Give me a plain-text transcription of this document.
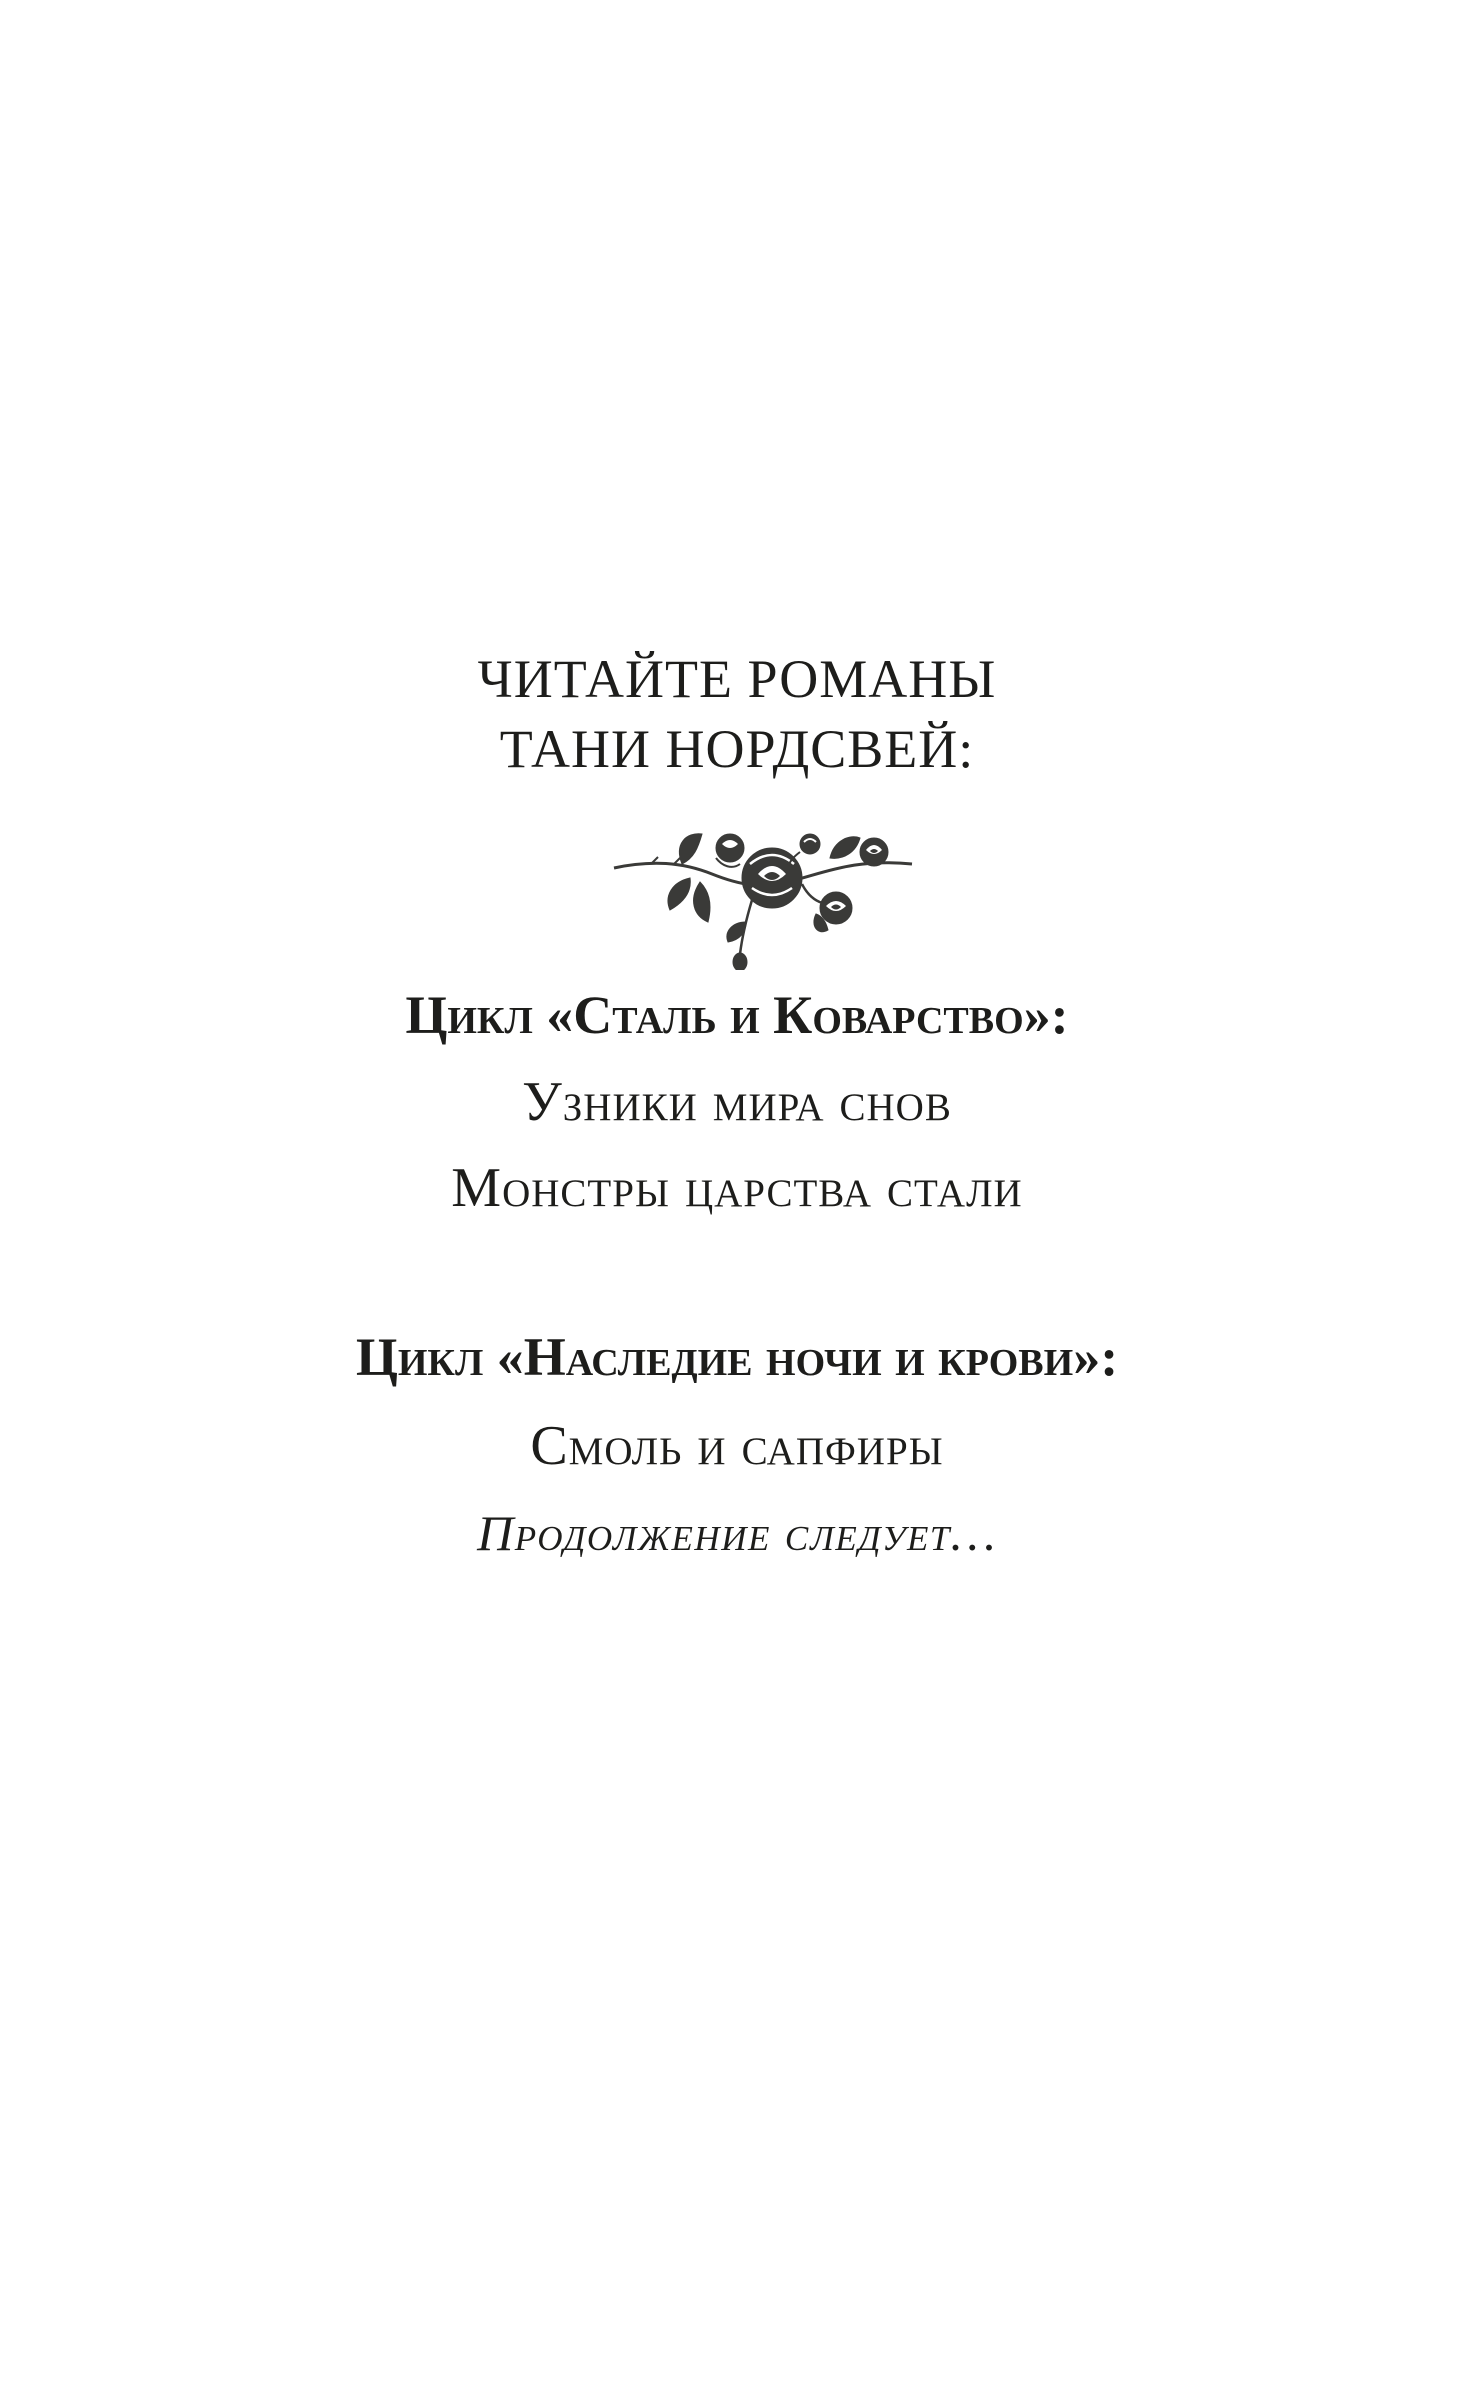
ЧИТАЙТЕ РОМАНЫ
ТАНИ НОРДСВЕЙ:
Цикл «Сталь и Коварство»:
Узники мира снов
Монстры царства стали
Цикл «Наследие ночи и крови»:
Смоль и сапфиры
Продолжение следует…
